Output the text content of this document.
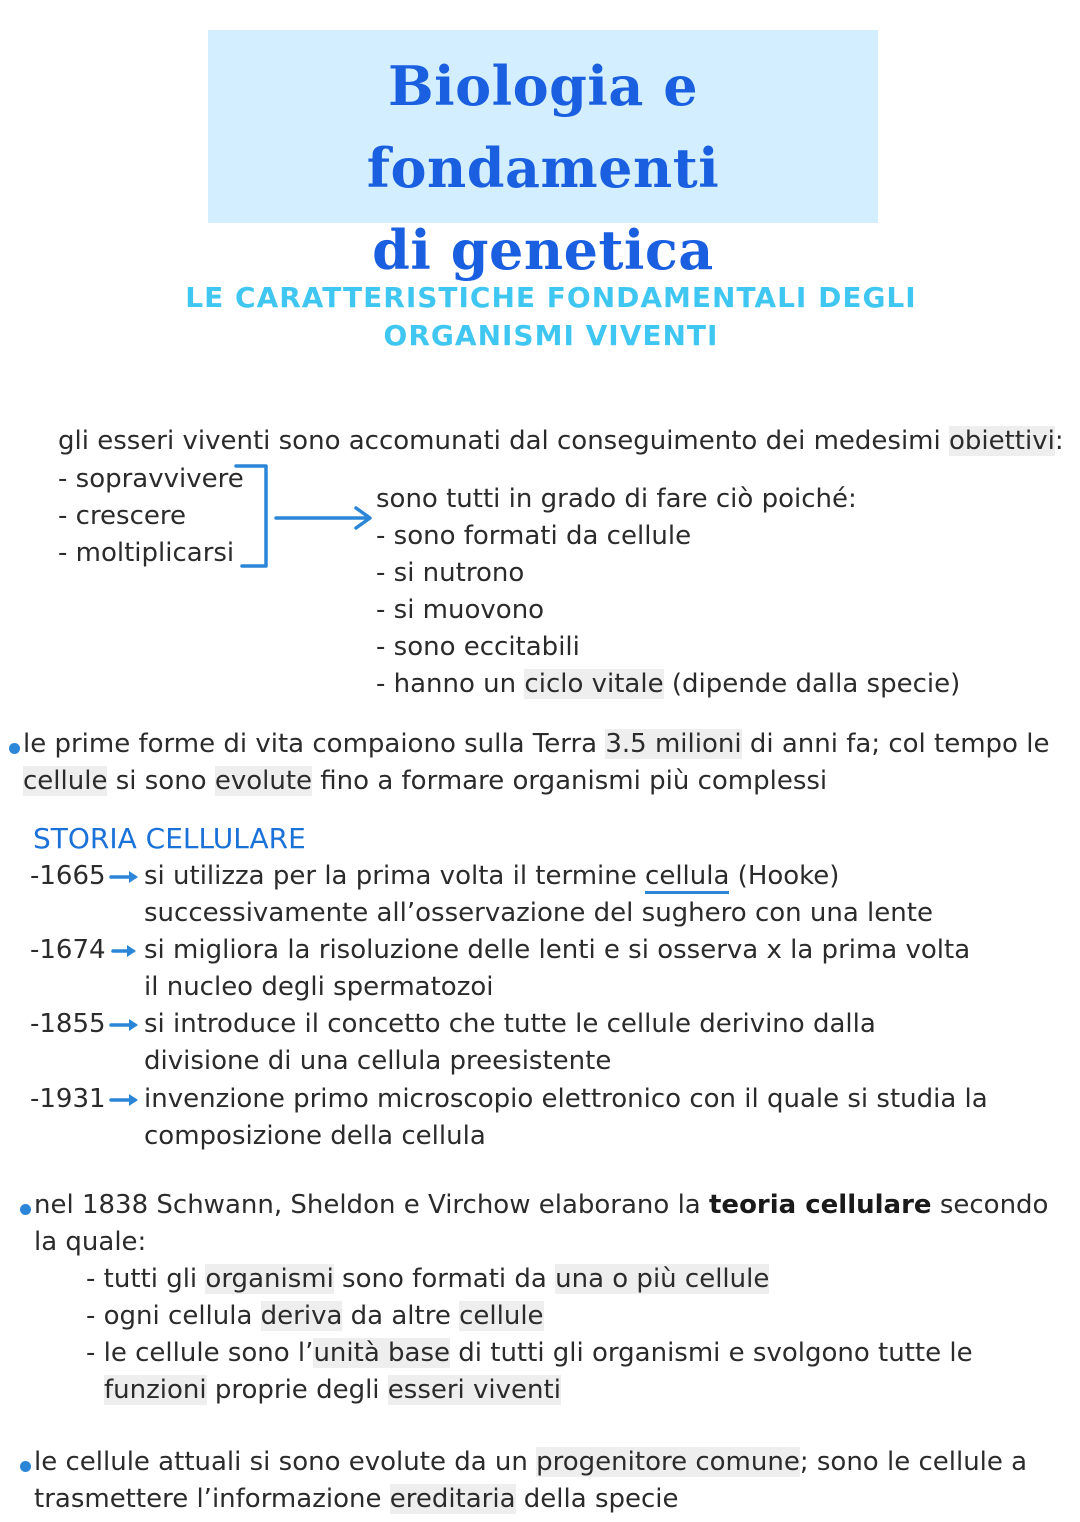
Biologia e fondamenti
di genetica
LE CARATTERISTICHE FONDAMENTALI DEGLI
ORGANISMI VIVENTI
gli esseri viventi sono accomunati dal conseguimento dei medesimi obiettivi:
- sopravvivere
- crescere
- moltiplicarsi
sono tutti in grado di fare ciò poiché:
- sono formati da cellule
- si nutrono
- si muovono
- sono eccitabili
- hanno un ciclo vitale (dipende dalla specie)
le prime forme di vita compaiono sulla Terra 3.5 milioni di anni fa; col tempo le
cellule si sono evolute fino a formare organismi più complessi
STORIA CELLULARE
-1665 si utilizza per la prima volta il termine cellula (Hooke)
successivamente all’osservazione del sughero con una lente
-1674 si migliora la risoluzione delle lenti e si osserva x la prima volta
il nucleo degli spermatozoi
-1855 si introduce il concetto che tutte le cellule derivino dalla
divisione di una cellula preesistente
-1931 invenzione primo microscopio elettronico con il quale si studia la
composizione della cellula
nel 1838 Schwann, Sheldon e Virchow elaborano la teoria cellulare secondo
la quale:
- tutti gli organismi sono formati da una o più cellule
- ogni cellula deriva da altre cellule
- le cellule sono l’unità base di tutti gli organismi e svolgono tutte le
funzioni proprie degli esseri viventi
le cellule attuali si sono evolute da un progenitore comune; sono le cellule a
trasmettere l’informazione ereditaria della specie
